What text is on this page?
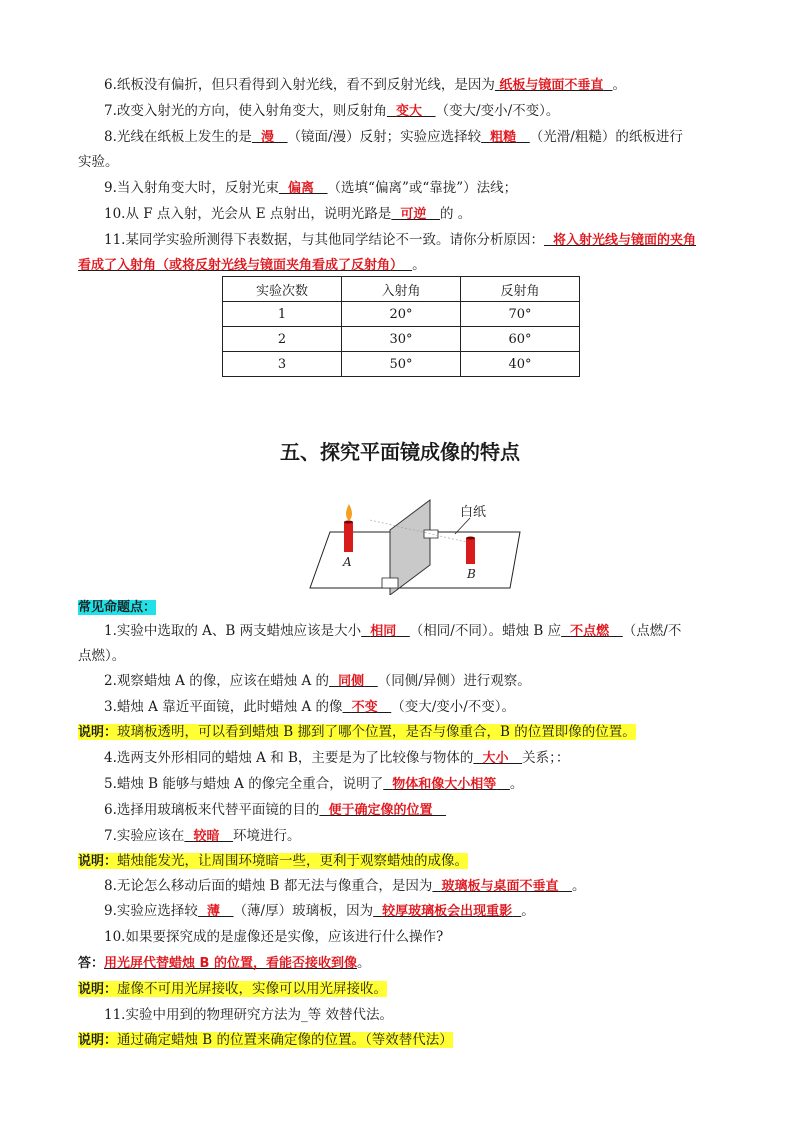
6.纸板没有偏折，但只看得到入射光线，看不到反射光线，是因为 纸板与镜面不垂直 。
7.改变入射光的方向，使入射角变大，则反射角 变大 （变大/变小/不变）。
8.光线在纸板上发生的是 漫 （镜面/漫）反射；实验应选择较 粗糙 （光滑/粗糙）的纸板进行
实验。
9.当入射角变大时，反射光束 偏离 （选填“偏离”或“靠拢”）法线；
10.从 F 点入射，光会从 E 点射出，说明光路是 可逆 的 。
11.某同学实验所测得下表数据，与其他同学结论不一致。请你分析原因： 将入射光线与镜面的夹角
看成了入射角（或将反射光线与镜面夹角看成了反射角） 。
实验次数	入射角	反射角
1	20°	70°
2	30°	60°
3	50°	40°
五、探究平面镜成像的特点
白纸
A
B
常见命题点：
1.实验中选取的 A、B 两支蜡烛应该是大小 相同 （相同/不同）。蜡烛 B 应 不点燃 （点燃/不
点燃）。
2.观察蜡烛 A 的像，应该在蜡烛 A 的 同侧 （同侧/异侧）进行观察。
3.蜡烛 A 靠近平面镜，此时蜡烛 A 的像 不变 （变大/变小/不变）。
说明：玻璃板透明，可以看到蜡烛 B 挪到了哪个位置，是否与像重合，B 的位置即像的位置。
4.选两支外形相同的蜡烛 A 和 B，主要是为了比较像与物体的 大小 关系；：
5.蜡烛 B 能够与蜡烛 A 的像完全重合，说明了 物体和像大小相等 。
6.选择用玻璃板来代替平面镜的目的 便于确定像的位置
7.实验应该在 较暗 环境进行。
说明：蜡烛能发光，让周围环境暗一些，更利于观察蜡烛的成像。
8.无论怎么移动后面的蜡烛 B 都无法与像重合，是因为 玻璃板与桌面不垂直 。
9.实验应选择较 薄 （薄/厚）玻璃板，因为 较厚玻璃板会出现重影 。
10.如果要探究成的是虚像还是实像，应该进行什么操作?
答：用光屏代替蜡烛 B 的位置，看能否接收到像。
说明：虚像不可用光屏接收，实像可以用光屏接收。
11.实验中用到的物理研究方法为_等 效替代法。
说明：通过确定蜡烛 B 的位置来确定像的位置。（等效替代法）
